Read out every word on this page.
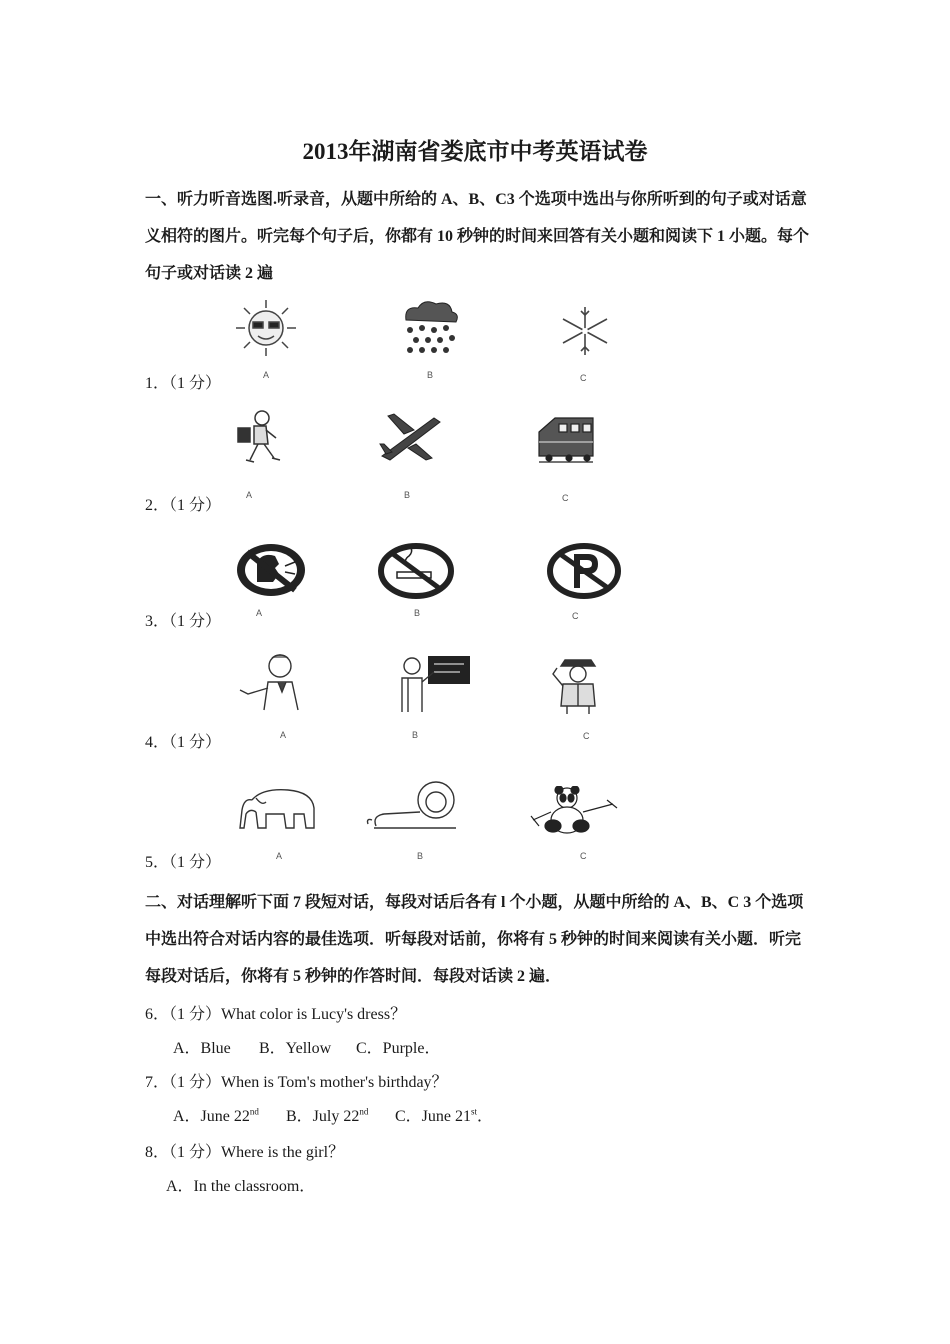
2013年湖南省娄底市中考英语试卷
一、听力听音选图.听录音，从题中所给的 A、B、C3 个选项中选出与你所听到的句子或对话意义相符的图片。听完每个句子后，你都有 10 秒钟的时间来回答有关小题和阅读下 1 小题。每个句子或对话读 2 遍
1．（1 分）	A	B	C
2．（1 分）
A	B	C
3．（1 分）	A	B	C
4．（1 分）	A	B	C
5．（1 分）	A	B	C
二、对话理解听下面 7 段短对话，每段对话后各有 l 个小题，从题中所给的 A、B、C 3 个选项中选出符合对话内容的最佳选项．听每段对话前，你将有 5 秒钟的时间来阅读有关小题．听完每段对话后，你将有 5 秒钟的作答时间．每段对话读 2 遍．
6．（1 分）What color is Lucy's dress？
A．Blue B．Yellow C．Purple．
7．（1 分）When is Tom's mother's birthday？
A．June 22nd B．July 22nd C．June 21st．
8．（1 分）Where is the girl？
A．In the classroom．
